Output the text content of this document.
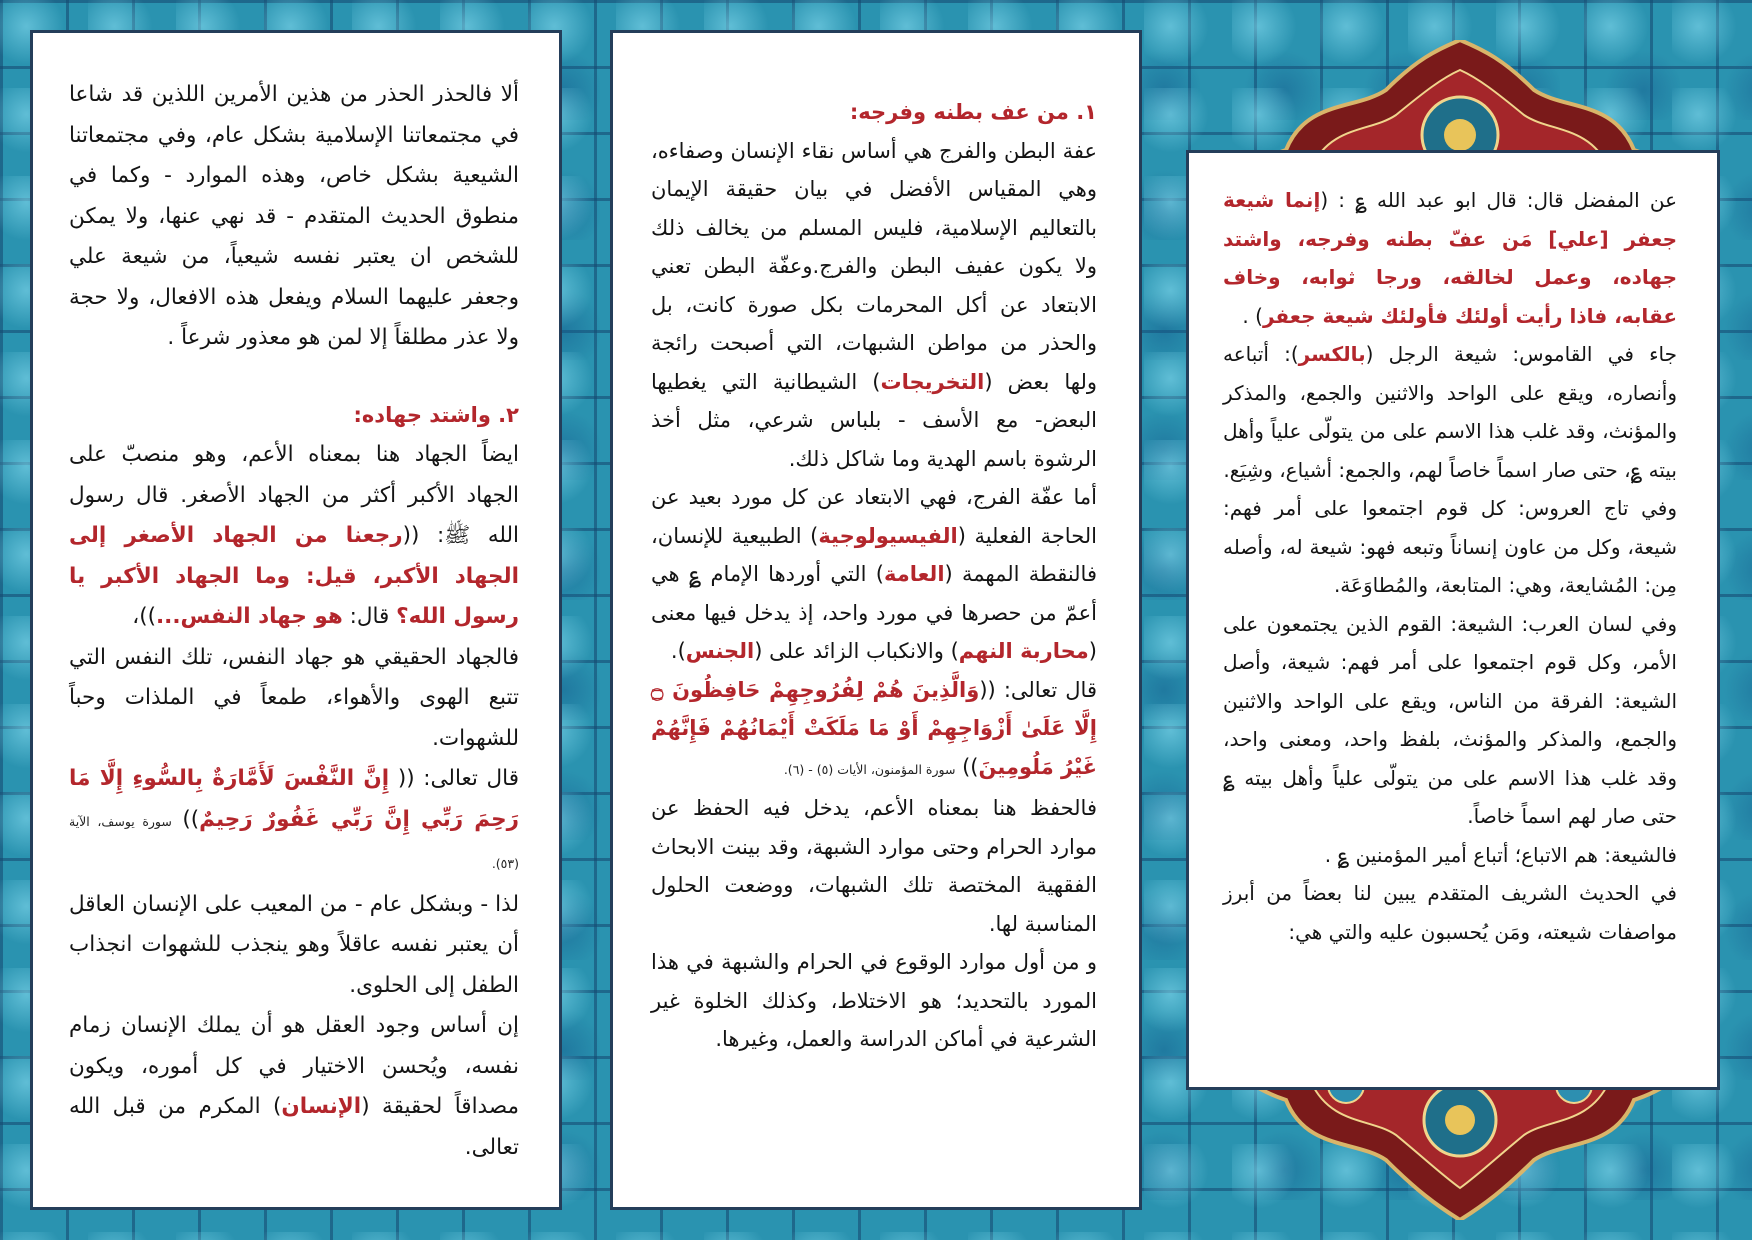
ألا فالحذر الحذر من هذين الأمرين اللذين قد شاعا في مجتمعاتنا الإسلامية بشكل عام، وفي مجتمعاتنا الشيعية بشكل خاص، وهذه الموارد - وكما في منطوق الحديث المتقدم - قد نهي عنها، ولا يمكن للشخص ان يعتبر نفسه شيعياً، من شيعة علي وجعفر عليهما السلام ويفعل هذه الافعال، ولا حجة ولا عذر مطلقاً إلا لمن هو معذور شرعاً .

٢. واشتد جهاده:

ايضاً الجهاد هنا بمعناه الأعم، وهو منصبّ على الجهاد الأكبر أكثر من الجهاد الأصغر. قال رسول الله ﷺ: ((رجعنا من الجهاد الأصغر إلى الجهاد الأكبر، قيل: وما الجهاد الأكبر يا رسول الله؟ قال: هو جهاد النفس...))،

فالجهاد الحقيقي هو جهاد النفس، تلك النفس التي تتبع الهوى والأهواء، طمعاً في الملذات وحباً للشهوات.

قال تعالى: (( إِنَّ النَّفْسَ لَأَمَّارَةٌ بِالسُّوءِ إِلَّا مَا رَحِمَ رَبِّي إِنَّ رَبِّي غَفُورٌ رَحِيمٌ)) سورة يوسف، الآية (٥٣).

لذا - وبشكل عام - من المعيب على الإنسان العاقل أن يعتبر نفسه عاقلاً وهو ينجذب للشهوات انجذاب الطفل إلى الحلوى.

إن أساس وجود العقل هو أن يملك الإنسان زمام نفسه، ويُحسن الاختيار في كل أموره، ويكون مصداقاً لحقيقة (الإنسان) المكرم من قبل الله تعالى.

١. من عف بطنه وفرجه:

عفة البطن والفرج هي أساس نقاء الإنسان وصفاءه، وهي المقياس الأفضل في بيان حقيقة الإيمان بالتعاليم الإسلامية، فليس المسلم من يخالف ذلك ولا يكون عفيف البطن والفرج.وعفّة البطن تعني الابتعاد عن أكل المحرمات بكل صورة كانت، بل والحذر من مواطن الشبهات، التي أصبحت رائجة ولها بعض (التخريجات) الشيطانية التي يغطيها البعض- مع الأسف - بلباس شرعي، مثل أخذ الرشوة باسم الهدية وما شاكل ذلك.

أما عفّة الفرج، فهي الابتعاد عن كل مورد بعيد عن الحاجة الفعلية (الفيسيولوجية) الطبيعية للإنسان، فالنقطة المهمة (العامة) التي أوردها الإمام ؏ هي أعمّ من حصرها في مورد واحد، إذ يدخل فيها معنى (محاربة النهم) والانكباب الزائد على (الجنس).

قال تعالى: ((وَالَّذِينَ هُمْ لِفُرُوجِهِمْ حَافِظُونَ ۝ إِلَّا عَلَىٰ أَزْوَاجِهِمْ أَوْ مَا مَلَكَتْ أَيْمَانُهُمْ فَإِنَّهُمْ غَيْرُ مَلُومِينَ)) سورة المؤمنون، الأيات (٥) - (٦).

فالحفظ هنا بمعناه الأعم، يدخل فيه الحفظ عن موارد الحرام وحتى موارد الشبهة، وقد بينت الابحاث الفقهية المختصة تلك الشبهات، ووضعت الحلول المناسبة لها.

و من أول موارد الوقوع في الحرام والشبهة في هذا المورد بالتحديد؛ هو الاختلاط، وكذلك الخلوة غير الشرعية في أماكن الدراسة والعمل، وغيرها.

عن المفضل قال: قال ابو عبد الله ؏ : (إنما شيعة جعفر [علي] مَن عفّ بطنه وفرجه، واشتد جهاده، وعمل لخالقه، ورجا ثوابه، وخاف عقابه، فاذا رأيت أولئك فأولئك شيعة جعفر) .

جاء في القاموس: شيعة الرجل (بالكسر): أتباعه وأنصاره، ويقع على الواحد والاثنين والجمع، والمذكر والمؤنث، وقد غلب هذا الاسم على من يتولّى علياً وأهل بيته ؏، حتى صار اسماً خاصاً لهم، والجمع: أشياع، وشِيَع.

وفي تاج العروس: كل قوم اجتمعوا على أمر فهم: شيعة، وكل من عاون إنساناً وتبعه فهو: شيعة له، وأصله مِن: المُشايعة، وهي: المتابعة، والمُطاوَعَة.

وفي لسان العرب: الشيعة: القوم الذين يجتمعون على الأمر، وكل قوم اجتمعوا على أمر فهم: شيعة، وأصل الشيعة: الفرقة من الناس، ويقع على الواحد والاثنين والجمع، والمذكر والمؤنث، بلفظ واحد، ومعنى واحد، وقد غلب هذا الاسم على من يتولّى علياً وأهل بيته ؏ حتى صار لهم اسماً خاصاً.

فالشيعة: هم الاتباع؛ أتباع أمير المؤمنين ؏ .

في الحديث الشريف المتقدم يبين لنا بعضاً من أبرز مواصفات شيعته، ومَن يُحسبون عليه والتي هي:
